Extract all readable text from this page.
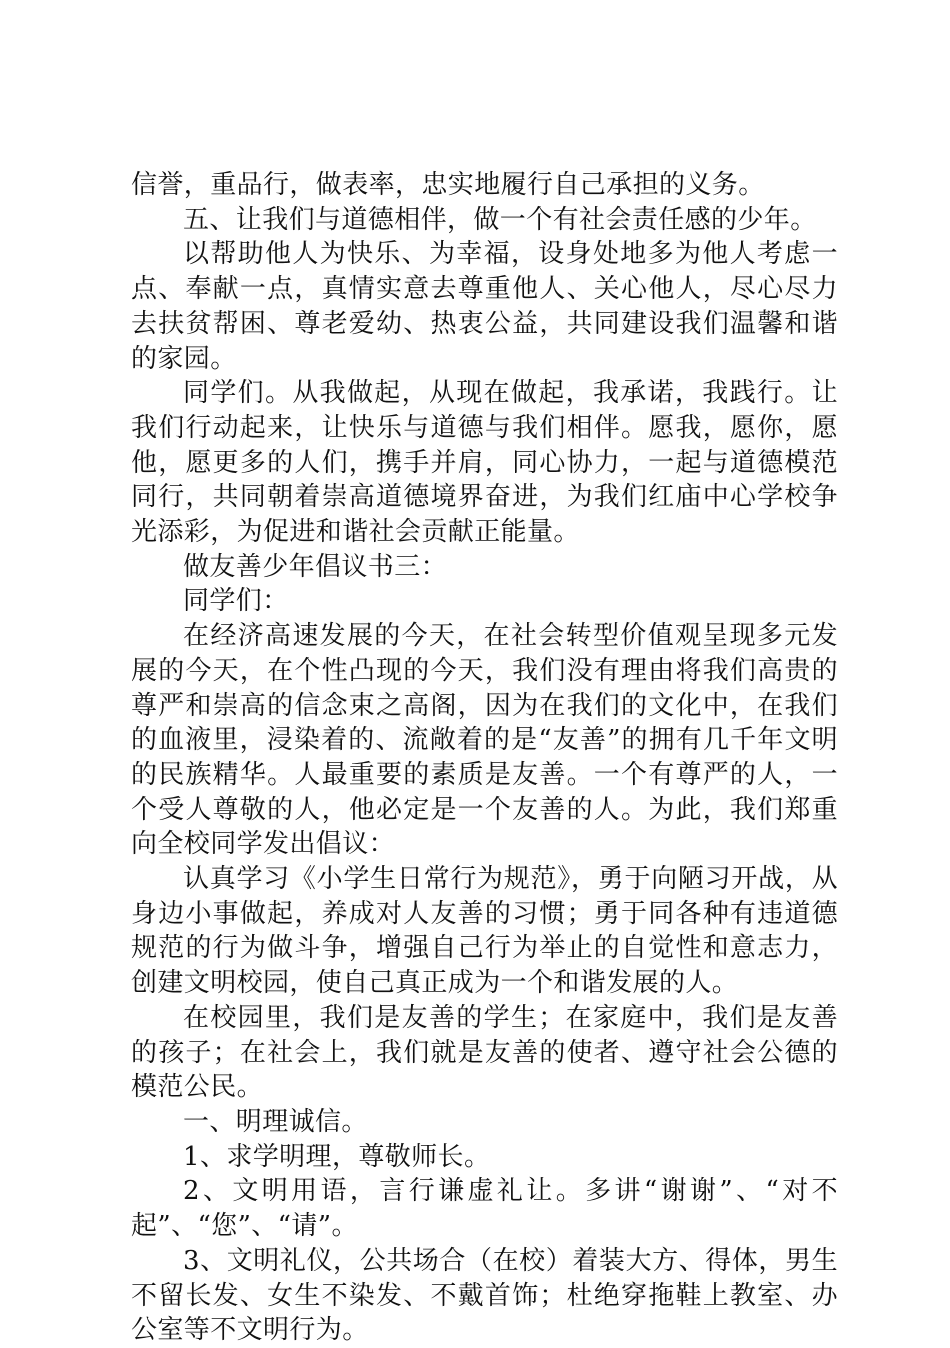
信誉，重品行，做表率，忠实地履行自己承担的义务。

五、让我们与道德相伴，做一个有社会责任感的少年。

以帮助他人为快乐、为幸福，设身处地多为他人考虑一点、奉献一点，真情实意去尊重他人、关心他人，尽心尽力去扶贫帮困、尊老爱幼、热衷公益，共同建设我们温馨和谐的家园。

同学们。从我做起，从现在做起，我承诺，我践行。让我们行动起来，让快乐与道德与我们相伴。愿我，愿你，愿他，愿更多的人们，携手并肩，同心协力，一起与道德模范同行，共同朝着崇高道德境界奋进，为我们红庙中心学校争光添彩，为促进和谐社会贡献正能量。

做友善少年倡议书三：

同学们：

在经济高速发展的今天，在社会转型价值观呈现多元发展的今天，在个性凸现的今天，我们没有理由将我们高贵的尊严和崇高的信念束之高阁，因为在我们的文化中，在我们的血液里，浸染着的、流敞着的是“友善”的拥有几千年文明的民族精华。人最重要的素质是友善。一个有尊严的人，一个受人尊敬的人，他必定是一个友善的人。为此，我们郑重向全校同学发出倡议：

认真学习《小学生日常行为规范》，勇于向陋习开战，从身边小事做起，养成对人友善的习惯；勇于同各种有违道德规范的行为做斗争，增强自己行为举止的自觉性和意志力，创建文明校园，使自己真正成为一个和谐发展的人。

在校园里，我们是友善的学生；在家庭中，我们是友善的孩子；在社会上，我们就是友善的使者、遵守社会公德的模范公民。

一、明理诚信。

1、求学明理，尊敬师长。

2、文明用语，言行谦虚礼让。多讲“谢谢”、“对不起”、“您”、“请”。

3、文明礼仪，公共场合（在校）着装大方、得体，男生不留长发、女生不染发、不戴首饰；杜绝穿拖鞋上教室、办公室等不文明行为。
